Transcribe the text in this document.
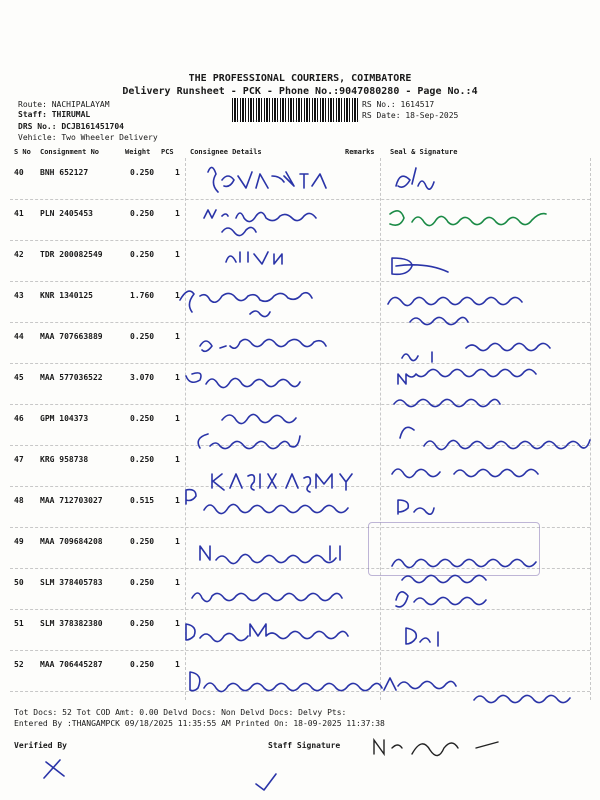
THE PROFESSIONAL COURIERS, COIMBATORE
Delivery Runsheet - PCK - Phone No.:9047080280 - Page No.:4
Route: NACHIPALAYAM
Staff: THIRUMAL
DRS No.: DCJB161451704
Vehicle: Two Wheeler Delivery
RS No.: 1614517
RS Date: 18-Sep-2025
S No Consignment No	Weight PCS Consignee Details	Remarks Seal & Signature
40 BNH 652127	0.250	1
41 PLN 2405453	0.250	1
42 TDR 200082549	0.250	1
43 KNR 1340125	1.760	1
44 MAA 707663889	0.250	1
45 MAA 577036522	3.070	1
46 GPM 104373	0.250	1
47 KRG 958738	0.250	1
48 MAA 712703027	0.515	1
49 MAA 709684208	0.250	1
50 SLM 378405783	0.250	1
51 SLM 378382380	0.250	1
52 MAA 706445287	0.250	1
Tot Docs: 52 Tot COD Amt: 0.00 Delvd Docs: Non Delvd Docs: Delvy Pts:
Entered By :THANGAMPCK 09/18/2025 11:35:55 AM Printed On: 18-09-2025 11:37:38
Verified By	Staff Signature
